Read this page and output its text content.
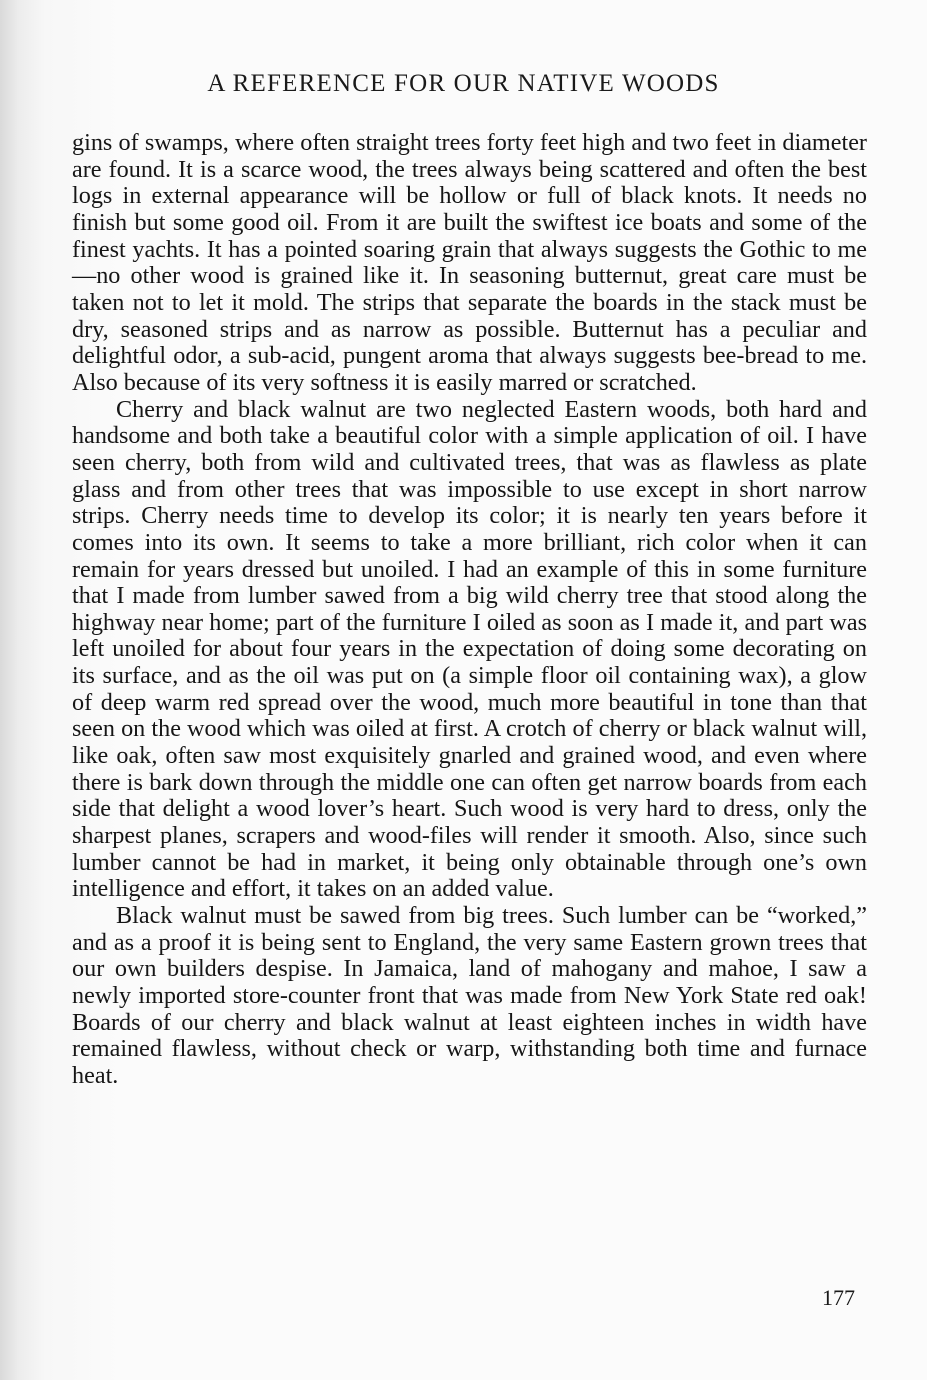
A REFERENCE FOR OUR NATIVE WOODS

gins of swamps, where often straight trees forty feet high and two feet in diameter are found. It is a scarce wood, the trees always being scattered and often the best logs in external appearance will be hollow or full of black knots. It needs no finish but some good oil. From it are built the swiftest ice boats and some of the finest yachts. It has a pointed soaring grain that always suggests the Gothic to me—no other wood is grained like it. In seasoning butternut, great care must be taken not to let it mold. The strips that separate the boards in the stack must be dry, seasoned strips and as narrow as possible. Butternut has a peculiar and delightful odor, a sub-acid, pungent aroma that always suggests bee-bread to me. Also because of its very softness it is easily marred or scratched.

Cherry and black walnut are two neglected Eastern woods, both hard and handsome and both take a beautiful color with a simple application of oil. I have seen cherry, both from wild and cultivated trees, that was as flawless as plate glass and from other trees that was impossible to use except in short narrow strips. Cherry needs time to develop its color; it is nearly ten years before it comes into its own. It seems to take a more brilliant, rich color when it can remain for years dressed but unoiled. I had an example of this in some furniture that I made from lumber sawed from a big wild cherry tree that stood along the highway near home; part of the furniture I oiled as soon as I made it, and part was left unoiled for about four years in the expectation of doing some decorating on its surface, and as the oil was put on (a simple floor oil containing wax), a glow of deep warm red spread over the wood, much more beautiful in tone than that seen on the wood which was oiled at first. A crotch of cherry or black walnut will, like oak, often saw most exquisitely gnarled and grained wood, and even where there is bark down through the middle one can often get narrow boards from each side that delight a wood lover’s heart. Such wood is very hard to dress, only the sharpest planes, scrapers and wood-files will render it smooth. Also, since such lumber cannot be had in market, it being only obtainable through one’s own intelligence and effort, it takes on an added value.

Black walnut must be sawed from big trees. Such lumber can be “worked,” and as a proof it is being sent to England, the very same Eastern grown trees that our own builders despise. In Jamaica, land of mahogany and mahoe, I saw a newly imported store-counter front that was made from New York State red oak! Boards of our cherry and black walnut at least eighteen inches in width have remained flawless, without check or warp, withstanding both time and furnace heat.

177
